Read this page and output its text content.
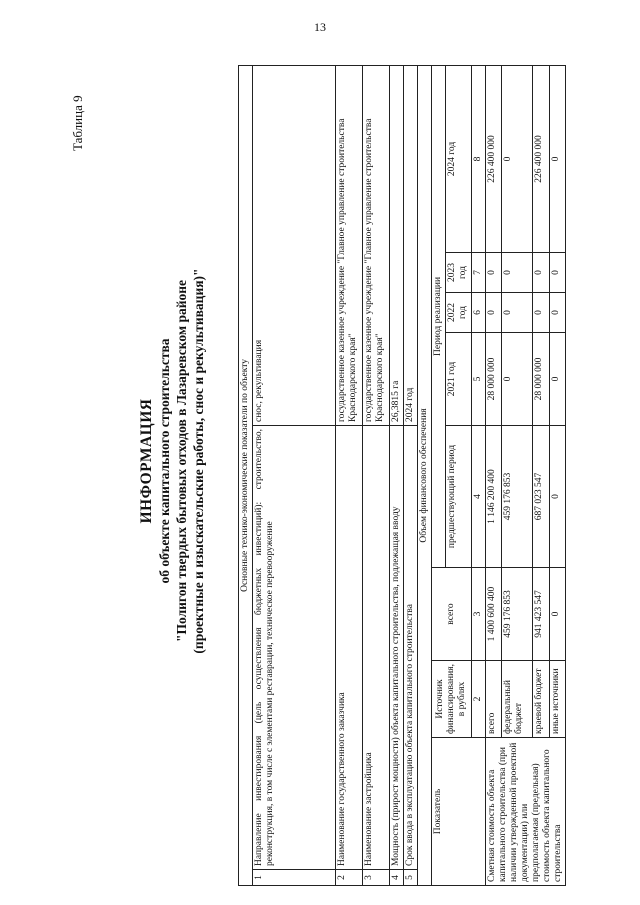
13
Таблица 9
ИНФОРМАЦИЯ об объекте капитального строительства "Полигон твердых бытовых отходов в Лазаревском районе (проектные и изыскательские работы, снос и рекультивация)"	Основные технико-экономические показатели по объекту								
1	Направление инвестирования (цель осуществления бюджетных инвестиций): строительство, реконструкция, в том числе с элементами реставрации, техническое перевооружение				снос, рекультивация			
2	Наименование государственного заказчика				государственное казенное учреждение "Главное управление строительства Краснодарского края"			
3	Наименование застройщика				государственное казенное учреждение "Главное управление строительства Краснодарского края"			
4	Мощность (прирост мощности) объекта капитального строительства, подлежащая вводу				26,3815 га			
5	Срок ввода в эксплуатацию объекта капитального строительства				2024 год			
Объем финансового обеспечения								
Показатель		Источник финансирования, в рублях	всего	Период реализации				
				предшествующий период	2021 год	2022 год	2023 год	2024 год
		2	3	4	5	6	7	8
Сметная стоимость объекта капитального строительства (при наличии утвержденной проектной документации) или предполагаемая (предельная) стоимость объекта капитального строительства		всего	1 400 600 400	1 146 200 400	28 000 000	0	0	226 400 000
		федеральный бюджет	459 176 853	459 176 853	0	0	0	0
		краевой бюджет	941 423 547	687 023 547	28 000 000	0	0	226 400 000
		иные источники	0	0	0	0	0	0
